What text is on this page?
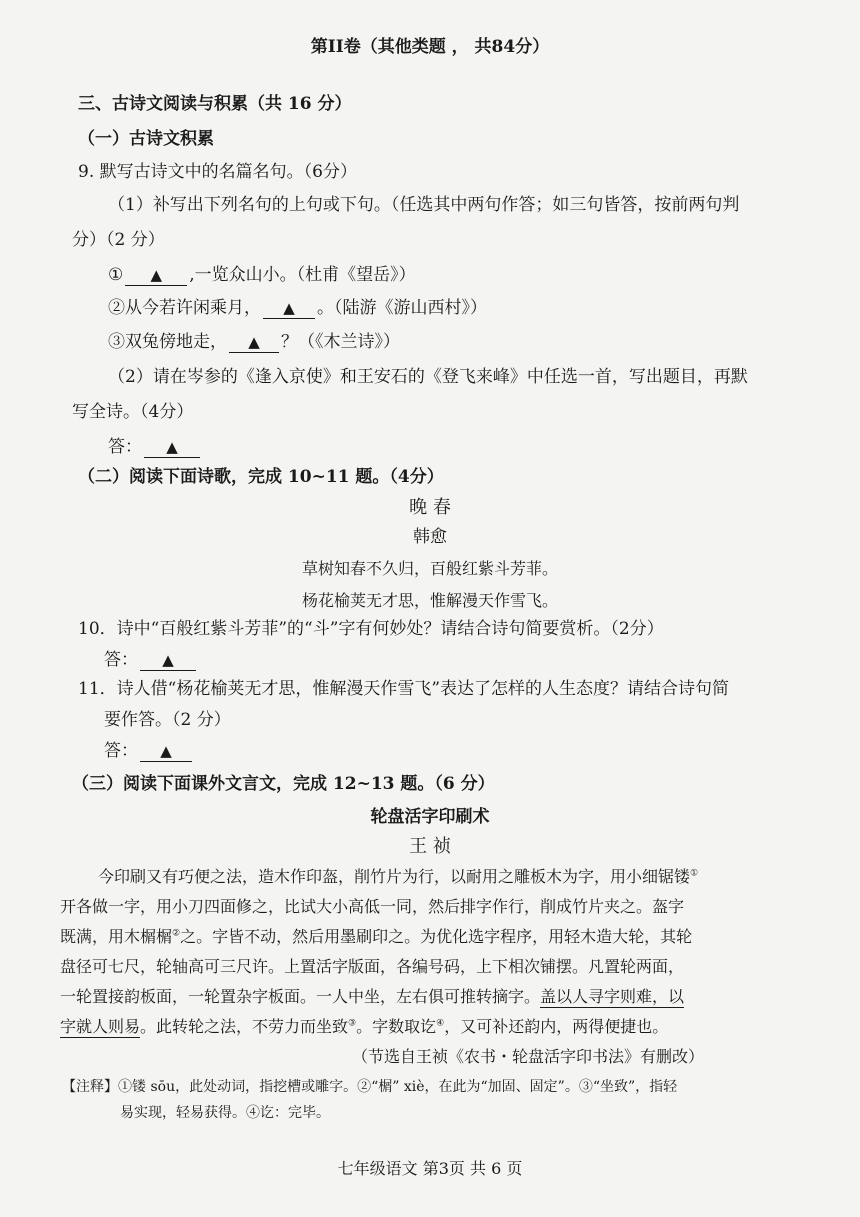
第II卷（其他类题 ， 共84分）
三、古诗文阅读与积累（共 16 分）
（一）古诗文积累
9. 默写古诗文中的名篇名句。（6分）
（1）补写出下列名句的上句或下句。（任选其中两句作答；如三句皆答，按前两句判
分）（2 分）
① ▲ ,一览众山小。（杜甫《望岳》）
②从今若许闲乘月， ▲ 。（陆游《游山西村》）
③双兔傍地走， ▲ ？（《木兰诗》）
（2）请在岑参的《逢入京使》和王安石的《登飞来峰》中任选一首，写出题目，再默
写全诗。（4分）
答： ▲
（二）阅读下面诗歌，完成 10~11 题。（4分）
晚 春
韩愈
草树知春不久归，百般红紫斗芳菲。
杨花榆荚无才思，惟解漫天作雪飞。
10．诗中“百般红紫斗芳菲”的“斗”字有何妙处？请结合诗句简要赏析。（2分）
答： ▲
11．诗人借“杨花榆荚无才思，惟解漫天作雪飞”表达了怎样的人生态度？请结合诗句简
要作答。（2 分）
答： ▲
（三）阅读下面课外文言文，完成 12~13 题。（6 分）
轮盘活字印刷术
王 祯
今印刷又有巧便之法，造木作印盔，削竹片为行，以耐用之雕板木为字，用小细锯镂①
开各做一字，用小刀四面修之，比试大小高低一同，然后排字作行，削成竹片夹之。盔字
既满，用木榍榍②之。字皆不动，然后用墨刷印之。为优化选字程序，用轻木造大轮，其轮
盘径可七尺，轮轴高可三尺许。上置活字版面，各编号码，上下相次铺摆。凡置轮两面，
一轮置接韵板面，一轮置杂字板面。一人中坐，左右俱可推转摘字。盖以人寻字则难，以
字就人则易。此转轮之法，不劳力而坐致③。字数取讫④，又可补还韵内，两得便捷也。
（节选自王祯《农书・轮盘活字印书法》有删改）
【注释】①镂 sōu，此处动词，指挖槽或雕字。②“榍” xiè，在此为“加固、固定”。③“坐致”，指轻
易实现，轻易获得。④讫：完毕。
七年级语文 第3页 共 6 页
